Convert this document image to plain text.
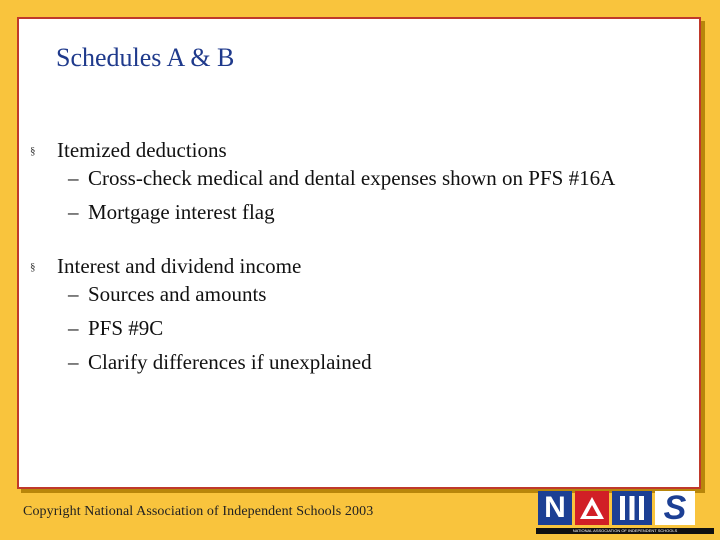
Schedules A & B
§	Itemized deductions
– Cross-check medical and dental expenses shown on PFS #16A
– Mortgage interest flag
§	Interest and dividend income
– Sources and amounts
– PFS #9C
– Clarify differences if unexplained
Copyright National Association of Independent Schools 2003	N	S
NATIONAL ASSOCIATION OF INDEPENDENT SCHOOLS
